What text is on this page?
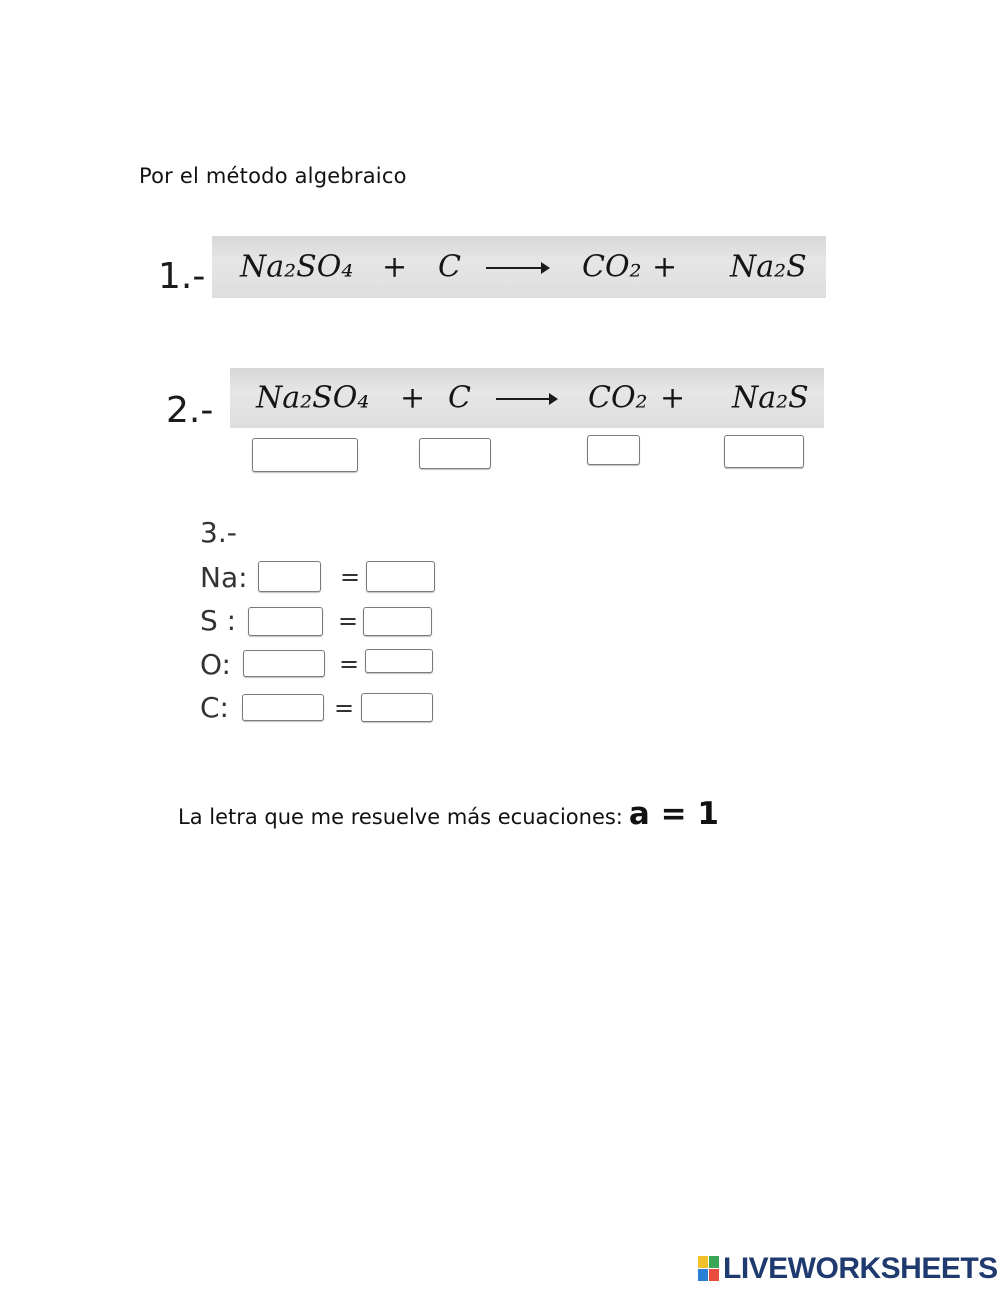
Por el método algebraico
1.- Na₂SO₄ + C	CO₂ + Na₂S
2.- Na₂SO₄ + C	CO₂ + Na₂S
3.-
Na:	=
S :	=
O:	=
C:	=
La letra que me resuelve más ecuaciones: a = 1
LIVEWORKSHEETS
